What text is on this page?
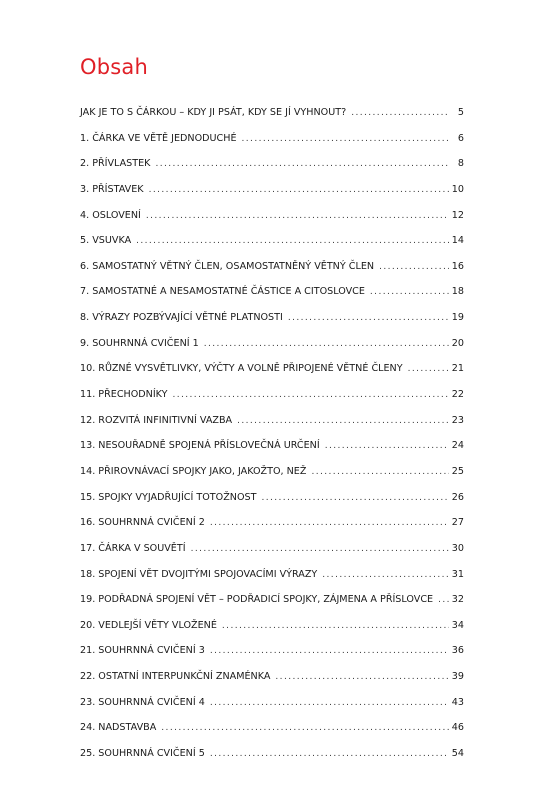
Obsah
JAK JE TO S ČÁRKOU – KDY JI PSÁT, KDY SE JÍ VYHNOUT? .....	5
1. ČÁRKA VE VĚTĚ JEDNODUCHÉ .....	6
2. PŘÍVLASTEK .....	8
3. PŘÍSTAVEK .....	10
4. OSLOVENÍ .....	12
5. VSUVKA .....	14
6. SAMOSTATNÝ VĚTNÝ ČLEN, OSAMOSTATNĚNÝ VĚTNÝ ČLEN .....	16
7. SAMOSTATNÉ A NESAMOSTATNÉ ČÁSTICE A CITOSLOVCE .....	18
8. VÝRAZY POZBÝVAJÍCÍ VĚTNÉ PLATNOSTI .....	19
9. SOUHRNNÁ CVIČENÍ 1 .....	20
10. RŮZNÉ VYSVĚTLIVKY, VÝČTY A VOLNĚ PŘIPOJENÉ VĚTNÉ ČLENY .....	21
11. PŘECHODNÍKY .....	22
12. ROZVITÁ INFINITIVNÍ VAZBA .....	23
13. NESOUŘADNĚ SPOJENÁ PŘÍSLOVEČNÁ URČENÍ .....	24
14. PŘIROVNÁVACÍ SPOJKY JAKO, JAKOŽTO, NEŽ .....	25
15. SPOJKY VYJADŘUJÍCÍ TOTOŽNOST .....	26
16. SOUHRNNÁ CVIČENÍ 2 .....	27
17. ČÁRKA V SOUVĚTÍ .....	30
18. SPOJENÍ VĚT DVOJITÝMI SPOJOVACÍMI VÝRAZY .....	31
19. PODŘADNÁ SPOJENÍ VĚT – PODŘADICÍ SPOJKY, ZÁJMENA A PŘÍSLOVCE ..... 32
20. VEDLEJŠÍ VĚTY VLOŽENÉ .....	34
21. SOUHRNNÁ CVIČENÍ 3 .....	36
22. OSTATNÍ INTERPUNKČNÍ ZNAMÉNKA .....	39
23. SOUHRNNÁ CVIČENÍ 4 .....	43
24. NADSTAVBA .....	46
25. SOUHRNNÁ CVIČENÍ 5 .....	54
